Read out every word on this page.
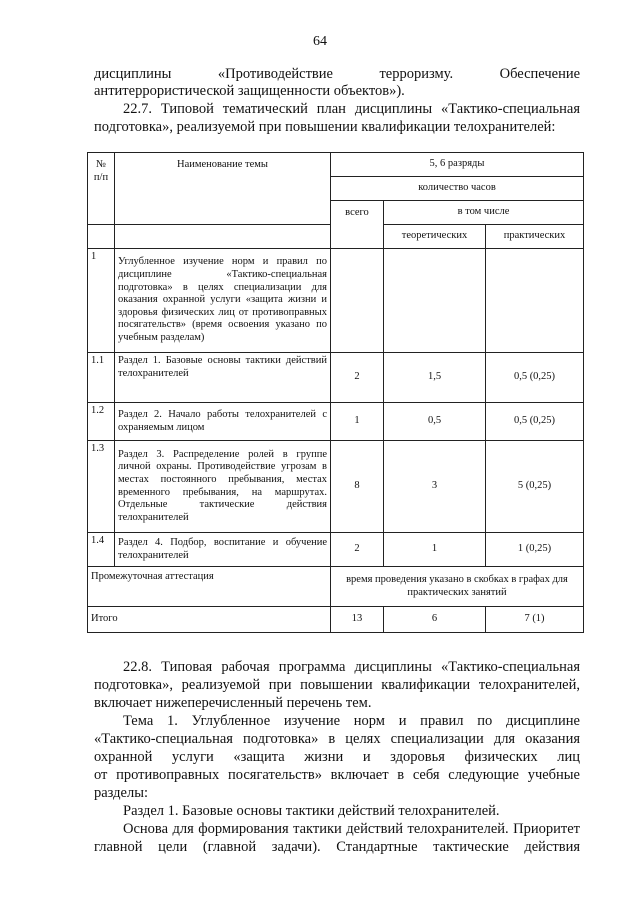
64
дисциплины	«Противодействие	терроризму.	Обеспечение
антитеррористической защищенности объектов»).
22.7. Типовой тематический план дисциплины «Тактико-специальная
подготовка», реализуемой при повышении квалификации телохранителей:
№ п/п	Наименование темы	5, 6 разряды		
		количество часов		
		всего	в том числе	
			теоретических	практических
1	Углубленное изучение норм и правил по дисциплине «Тактико-специальная подготовка» в целях специализации для оказания охранной услуги «защита жизни и здоровья физических лиц от противоправных посягательств» (время освоения указано по учебным разделам)			
1.1	Раздел 1. Базовые основы тактики действий телохранителей	2	1,5	0,5 (0,25)
1.2	Раздел 2. Начало работы телохранителей с охраняемым лицом	1	0,5	0,5 (0,25)
1.3	Раздел 3. Распределение ролей в группе личной охраны. Противодействие угрозам в местах постоянного пребывания, местах временного пребывания, на маршрутах. Отдельные тактические действия телохранителей	8	3	5 (0,25)
1.4	Раздел 4. Подбор, воспитание и обучение телохранителей	2	1	1 (0,25)
Промежуточная аттестация		время проведения указано в скобках в графах для практических занятий		
Итого		13	6	7 (1)
22.8. Типовая рабочая программа дисциплины «Тактико-специальная
подготовка», реализуемой при повышении квалификации телохранителей,
включает нижеперечисленный перечень тем.
Тема 1. Углубленное изучение норм и правил по дисциплине
«Тактико-специальная подготовка» в целях специализации для оказания
охранной услуги «защита жизни и здоровья физических лиц
от противоправных посягательств» включает в себя следующие учебные
разделы:
Раздел 1. Базовые основы тактики действий телохранителей.
Основа для формирования тактики действий телохранителей. Приоритет
главной цели (главной задачи). Стандартные тактические действия
